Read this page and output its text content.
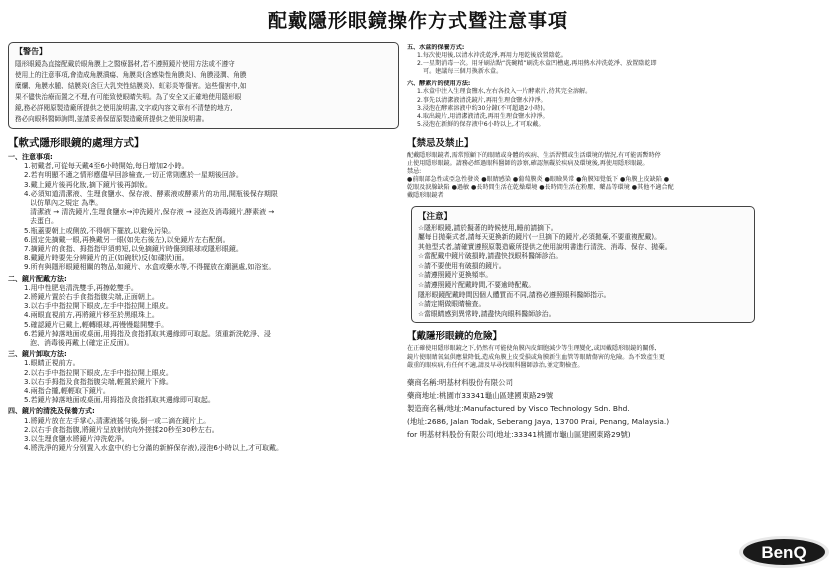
配戴隱形眼鏡操作方式暨注意事項
【警告】
隱形眼鏡為直接配戴於眼角膜上之醫療器材,若不遵照鏡片使用方法或不遵守
使用上的注意事項,會造成角膜潰瘍、角膜炎(含感染性角膜炎)、角膜浸潤、角膜
糜爛、角膜水腫、結膜炎(含巨大乳突性結膜炎)、虹彩炎等傷害。這些傷害中,如
果不儘快治療而置之不理,有可能致使眼睛失明。為了安全又正確地使用隱形眼
鏡,務必詳閱原製造廠所提供之使用說明書,文字或內容文章有不清楚的地方,
務必向眼科醫師詢問,並請妥善保留原製造廠所提供之使用說明書。
【軟式隱形眼鏡的處理方式】
一、注意事項:
1.初戴者,可從每天戴4至6小時開始,每日增加2小時。
2.若有明顯不適之情形應儘早回診檢查,一切正常則應於一星期後回診。
3.戴上鏡片後再化妝,摘下鏡片後再卸妝。
4.必須知道清潔液、生理食鹽水、保存液、酵素液或酵素片的功用,開瓶後保存期限
以仿單內之規定 為準。
清潔液 → 清洗鏡片,生理食鹽水→沖洗鏡片,保存液 → 浸泡及消毒鏡片,酵素液 →
去蛋白。
5.瓶蓋要朝上或側放,不得朝下擺放,以避免污染。
6.固定先摘戴一眼,再換戴另一眼(如先右後左),以免鏡片左右配倒。
7.摘鏡片的食指、拇指指甲須剪短,以免摘鏡片時傷到眼球或隱形眼鏡。
8.戴鏡片時要先分辨鏡片的正(如碗狀)反(如碟狀)面。
9.所有與隱形眼鏡相關的物品,如鏡片、水盒或藥水等,不得擺放在潮濕處,如浴室。
二、鏡片配戴方法:
1.用中性肥皂清洗雙手,再擦乾雙手。
2.將鏡片置於右手食指指腹尖端,正面朝上。
3.以右手中指拉開下眼皮,左手中指拉開上眼皮。
4.兩眼直視前方,再將鏡片移至於黑眼珠上。
5.確認鏡片已戴上,輕轉眼球,再慢慢鬆開雙手。
6.若鏡片掉落地面或桌面,用拇指及食指抓取其邊緣即可取起。須重新洗乾淨、浸
泡、消毒後再戴上(確定正反面)。
三、鏡片卸取方法:
1.眼睛正視前方。
2.以右手中指拉開下眼皮,左手中指拉開上眼皮。
3.以右手拇指及食指指腹尖端,輕置於鏡片下緣。
4.兩指合攏,輕輕取下鏡片。
5.若鏡片掉落地面或桌面,用拇指及食指抓取其邊緣即可取起。
四、鏡片的清洗及保養方式:
1.將鏡片放在左手掌心,清潔液搖勻後,倒一或二滴在鏡片上。
2.以右手食指指腹,將鏡片呈放射狀向外搓揉20秒至30秒左右。
3.以生理食鹽水將鏡片沖洗乾淨。
4.將洗淨的鏡片分別置入水盒中(約七分滿的新鮮保存液),浸泡6小時以上,才可取戴。
五、水盒的保養方式:
1.每次使用後,以清水沖洗乾淨,再用力甩乾後放置陰乾。
2.一星期消毒一次。用牙刷沾點“洗碗精”刷洗水盒凹槽處,再用熱水沖洗乾淨、放置陰乾即
可。建議每三個月換新水盒。
六、酵素片的使用方法:
1.水盒中注入生理食鹽水,左右各投入一片酵素片,待其完全溶解。
2.事先以清潔液清洗鏡片,再用生理食鹽水沖淨。
3.浸泡在酵素溶液中約30分鐘(不可超過2小時)。
4.取出鏡片,用清潔液清洗,再用生理食鹽水沖淨。
5.浸泡在新鮮的保存液中6小時以上,才可取戴。
【禁忌及禁止】
配戴隱形眼鏡者,需常照顧下的眼睛或身體的疾病、生活習慣或生活環境的情況,有可能需暫時停
止使用隱形眼鏡。請務必經過眼科醫師的診察,確認無礙於疾病及環境後,再使用隱形眼鏡。
禁忌:
●前眼部急性或亞急性發炎 ●眼睛感染 ●葡萄膜炎 ●眼瞼異常 ●角膜知覺低下 ●角膜上皮缺陷 ●
乾眼及淚腺缺陷 ●過敏 ●長時間生活在乾燥環境 ●長時間生活在粉塵、藥品等環境 ●其他不適合配
戴隱形眼鏡者
【注意】
☆隱形眼鏡,請於擬著的時候使用,睡前請摘下。
屬每日拋棄式者,請每天更換新的鏡片(一旦摘下的鏡片,必須拋棄,不要重複配戴)。
其他型式者,請確實遵照原製造廠所提供之使用說明書進行清洗、消毒、保存、拋棄。
☆當配戴中鏡片破損時,請盡快找眼科醫師診治。
☆請不要使用有破損的鏡片。
☆請遵照鏡片更換頻率。
☆請遵照鏡片配戴時間,不要逾時配戴。
隱形眼鏡配戴時間因個人體質而不同,請務必遵照眼科醫師指示。
☆請定期做眼睛檢查。
☆當眼睛感到異常時,請盡快向眼科醫師診治。
【戴隱形眼鏡的危險】
在正確使用隱形眼鏡之下,仍然有可能使角膜內皮細胞減少等生理變化,或因戴隱形眼鏡的關係,
鏡片使眼睛氧氣供應量降低,造成角膜上皮受損或角膜新生血管等眼睛傷害的危險。為不致產生更
嚴重的眼疾病,有任何不適,請及早尋找眼科醫師診治,並定期檢查。
藥商名稱:明基材料股份有限公司
藥商地址:桃園市33341龜山區建國東路29號
製造商名稱/地址:Manufactured by Visco Technology Sdn. Bhd.
(地址:2686, Jalan Todak, Seberang Jaya, 13700 Prai, Penang, Malaysia.)
for 明基材料股份有限公司(地址:33341桃園市龜山區建國東路29號)
BenQ
